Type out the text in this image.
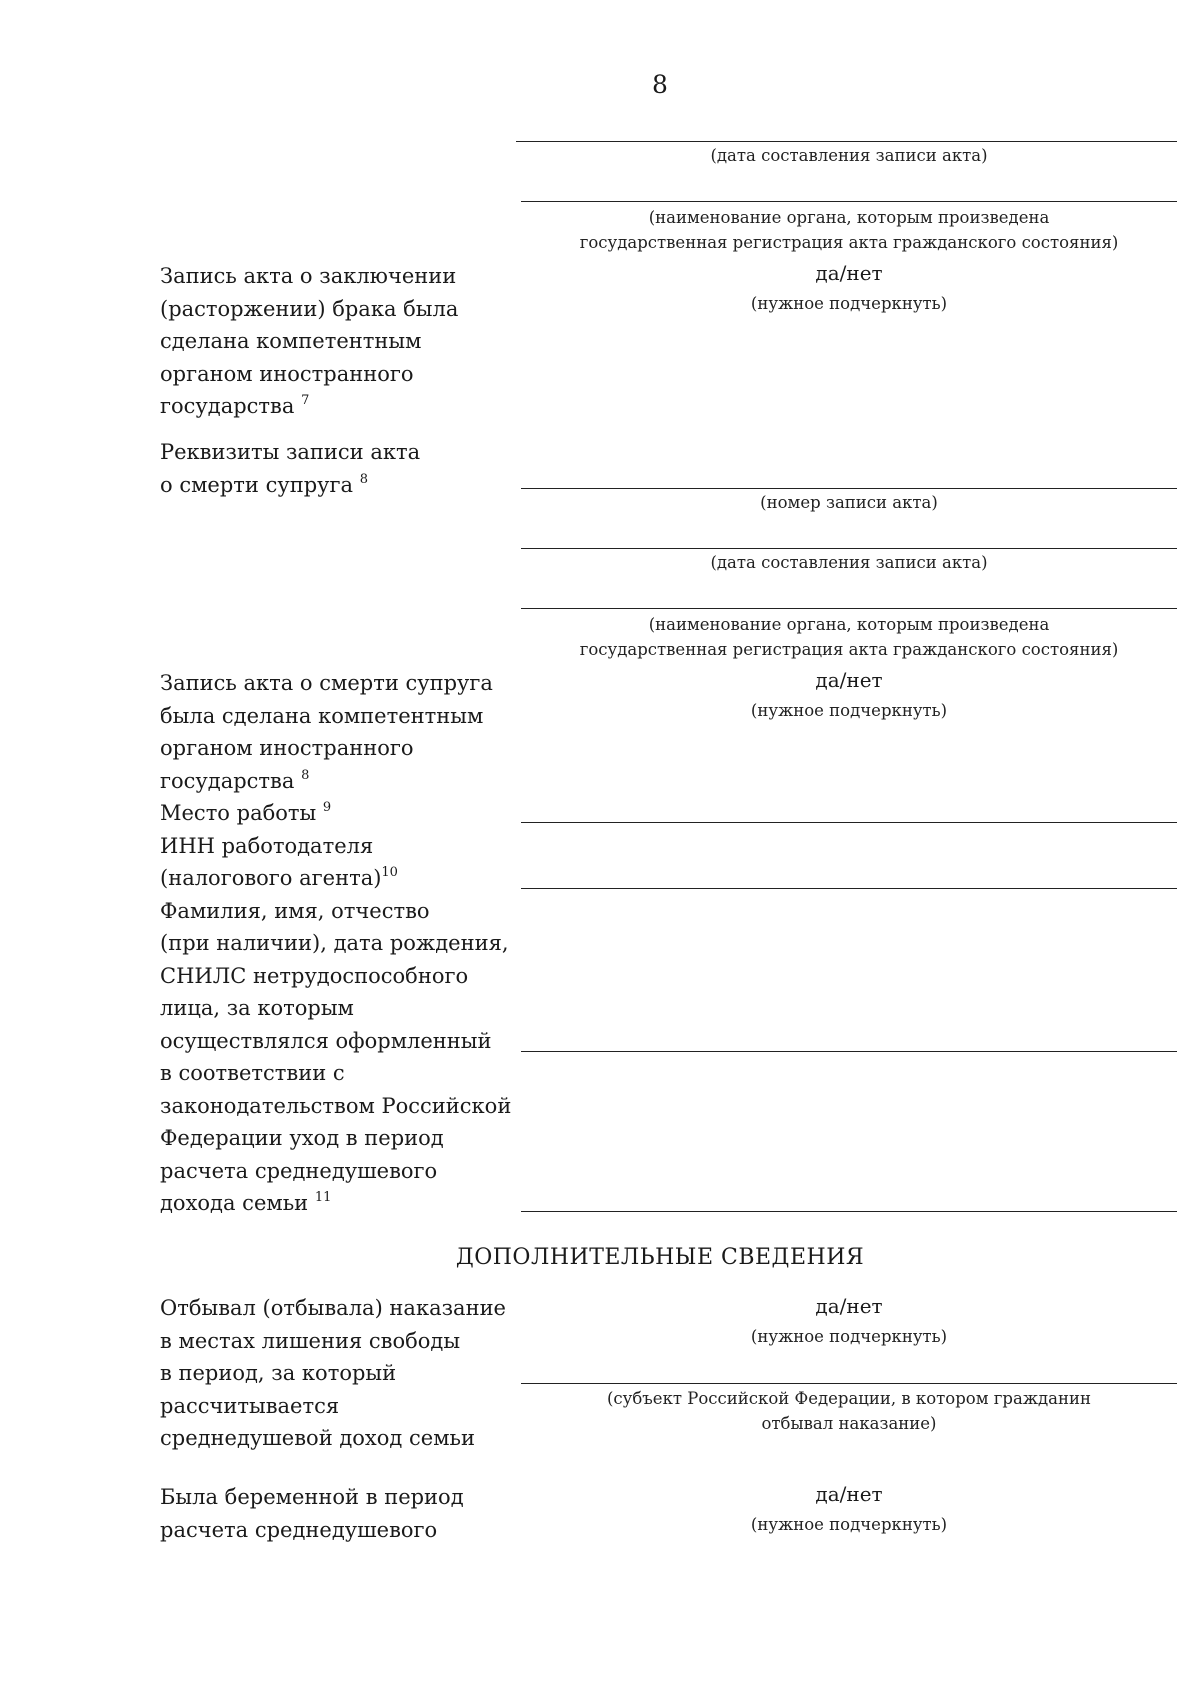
8
(дата составления записи акта)
(наименование органа, которым произведена государственная регистрация акта гражданского состояния)
да/нет
(нужное подчеркнуть)
Запись акта о заключении
(расторжении) брака была
сделана компетентным
органом иностранного
государства $^7$
Реквизиты записи акта
о смерти супруга $^8$
(номер записи акта)
(дата составления записи акта)
(наименование органа, которым произведена государственная регистрация акта гражданского состояния)
да/нет
(нужное подчеркнуть)
Запись акта о смерти супруга
была сделана компетентным
органом иностранного
государства $^8$
Место работы $^9$
ИНН работодателя
(налогового агента)$^{10}$
Фамилия, имя, отчество
(при наличии), дата рождения,
СНИЛС нетрудоспособного
лица, за которым
осуществлялся оформленный
в соответствии с
законодательством Российской
Федерации уход в период
расчета среднедушевого
дохода семьи $^{11}$
ДОПОЛНИТЕЛЬНЫЕ СВЕДЕНИЯ
Отбывал (отбывала) наказание
в местах лишения свободы
в период, за который
рассчитывается
среднедушевой доход семьи
да/нет
(нужное подчеркнуть)
(субъект Российской Федерации, в котором гражданин отбывал наказание)
Была беременной в период
расчета среднедушевого
да/нет
(нужное подчеркнуть)
